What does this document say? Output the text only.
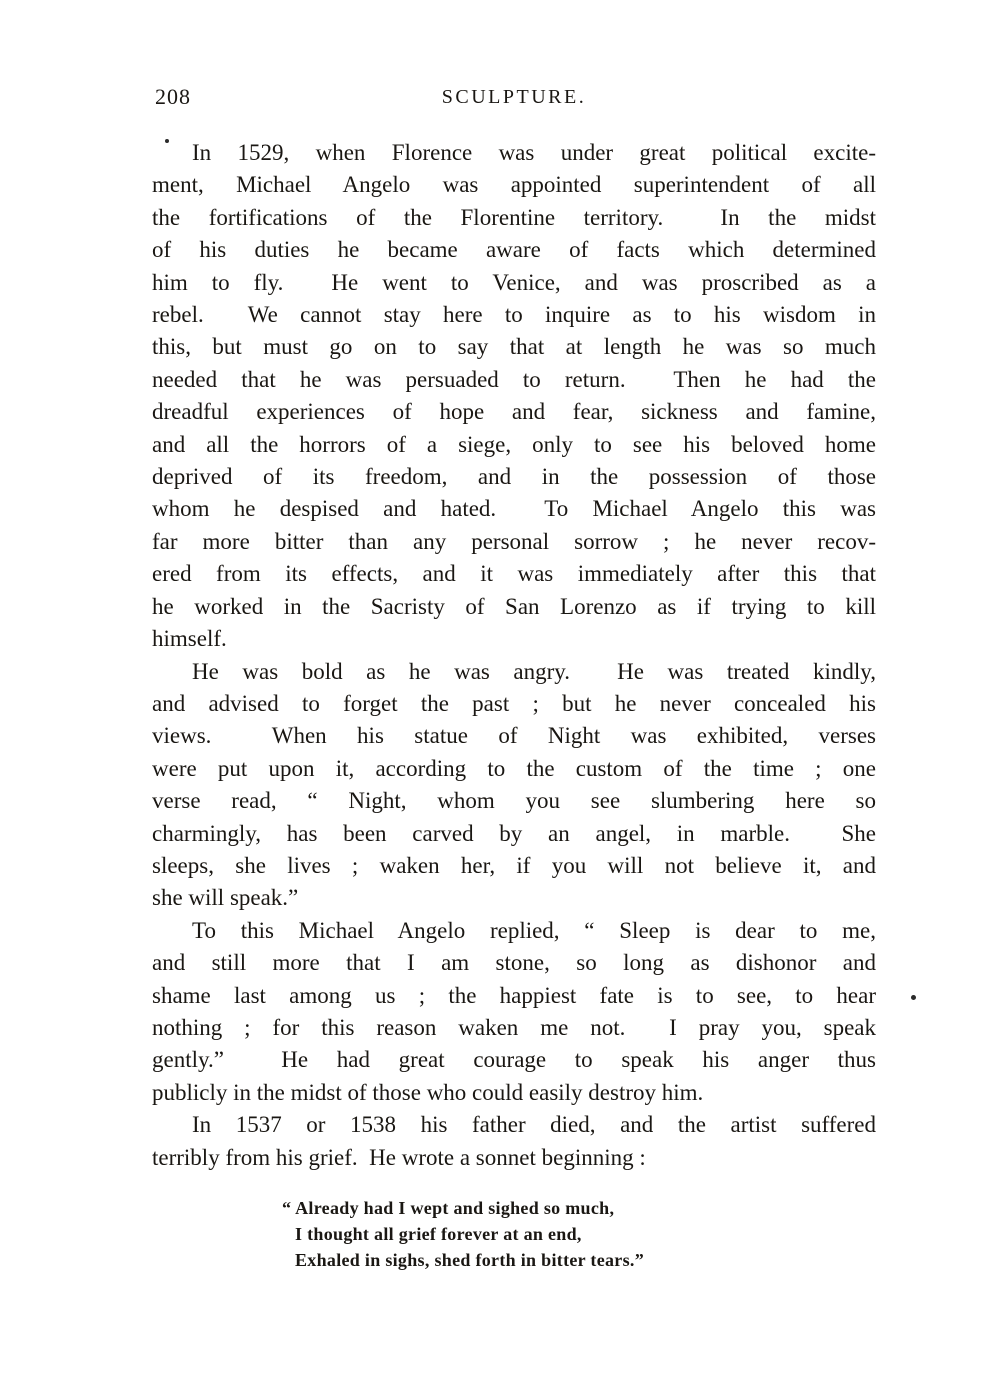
208	SCULPTURE.
In 1529, when Florence was under great political excite-
ment, Michael Angelo was appointed superintendent of all
the fortifications of the Florentine territory.  In the midst
of his duties he became aware of facts which determined
him to fly.  He went to Venice, and was proscribed as a
rebel.  We cannot stay here to inquire as to his wisdom in
this, but must go on to say that at length he was so much
needed that he was persuaded to return.  Then he had the
dreadful experiences of hope and fear, sickness and famine,
and all the horrors of a siege, only to see his beloved home
deprived of its freedom, and in the possession of those
whom he despised and hated.  To Michael Angelo this was
far more bitter than any personal sorrow ; he never recov-
ered from its effects, and it was immediately after this that
he worked in the Sacristy of San Lorenzo as if trying to kill
himself.
He was bold as he was angry.  He was treated kindly,
and advised to forget the past ; but he never concealed his
views.  When his statue of Night was exhibited, verses
were put upon it, according to the custom of the time ; one
verse read, “ Night, whom you see slumbering here so
charmingly, has been carved by an angel, in marble.  She
sleeps, she lives ; waken her, if you will not believe it, and
she will speak.”
To this Michael Angelo replied, “ Sleep is dear to me,
and still more that I am stone, so long as dishonor and
shame last among us ; the happiest fate is to see, to hear
nothing ; for this reason waken me not.  I pray you, speak
gently.”  He had great courage to speak his anger thus
publicly in the midst of those who could easily destroy him.
In 1537 or 1538 his father died, and the artist suffered
terribly from his grief.  He wrote a sonnet beginning :
“ Already had I wept and sighed so much,
I thought all grief forever at an end,
Exhaled in sighs, shed forth in bitter tears.”
